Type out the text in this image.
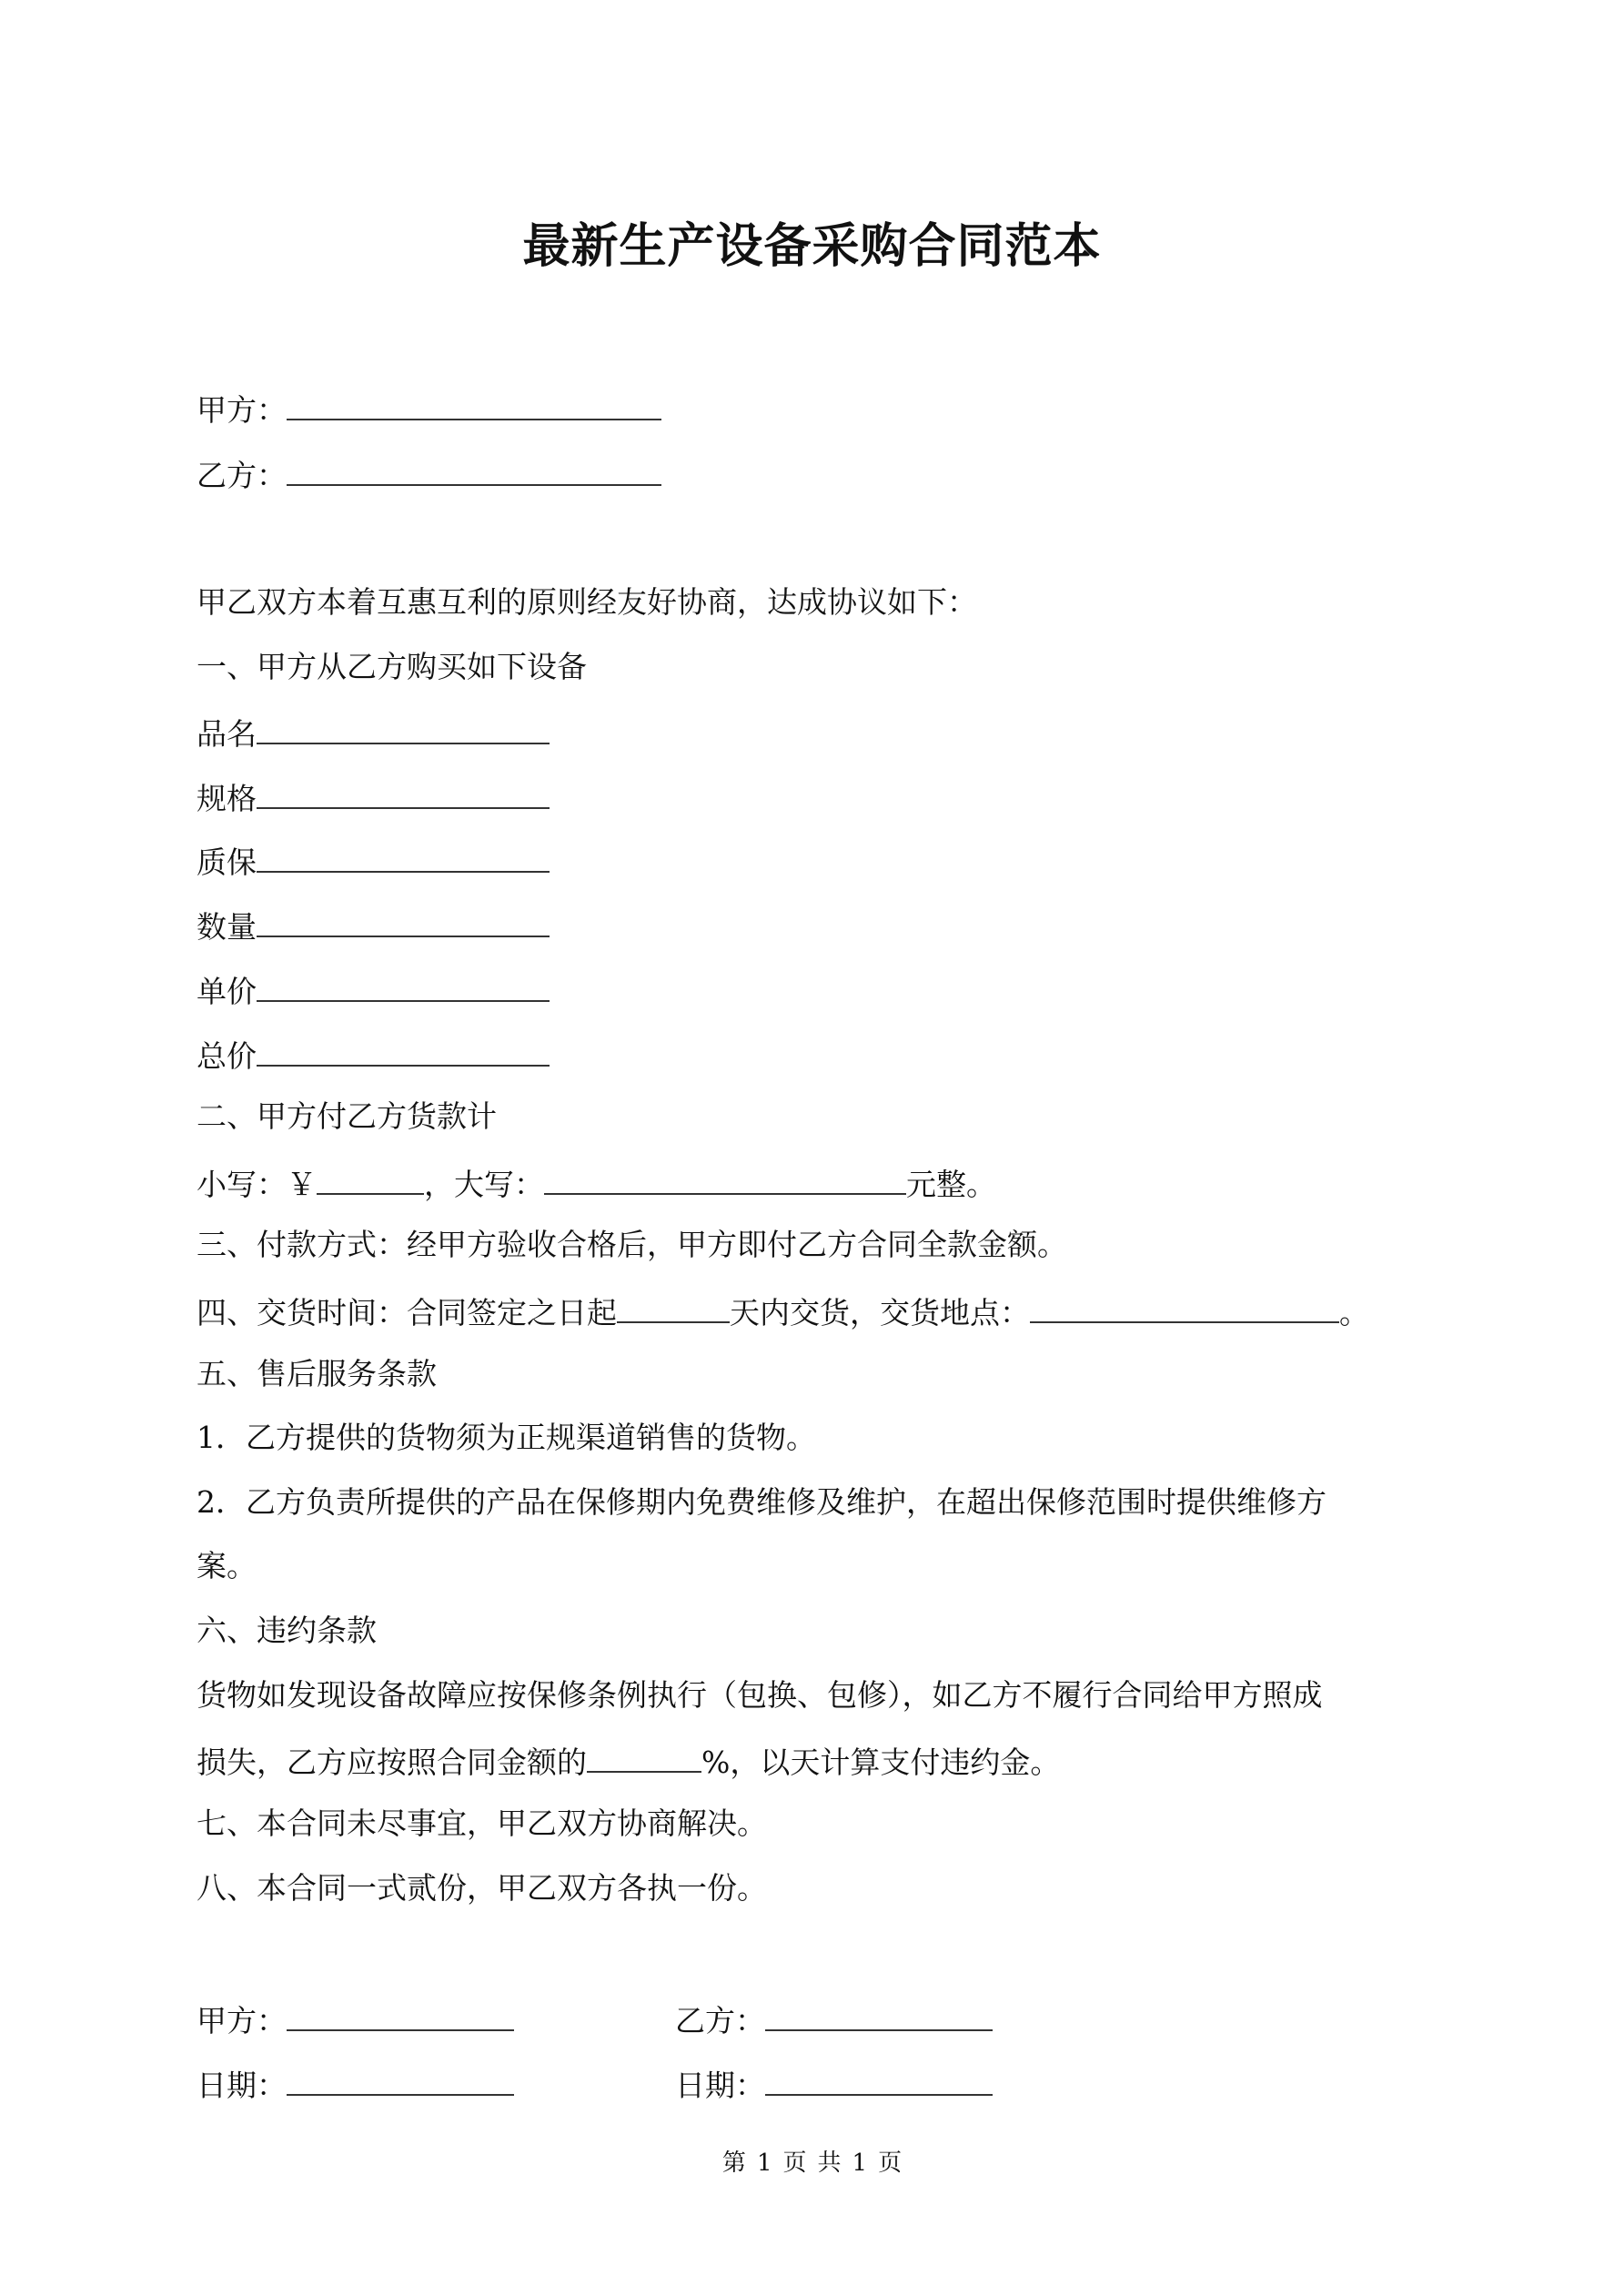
最新生产设备采购合同范本
甲方：
乙方：
甲乙双方本着互惠互利的原则经友好协商，达成协议如下：
一、甲方从乙方购买如下设备
品名
规格
质保
数量
单价
总价
二、甲方付乙方货款计
小写：￥	，大写：	元整。
三、付款方式：经甲方验收合格后，甲方即付乙方合同全款金额。
四、交货时间：合同签定之日起	天内交货，交货地点：	。
五、售后服务条款
1．乙方提供的货物须为正规渠道销售的货物。
2．乙方负责所提供的产品在保修期内免费维修及维护，在超出保修范围时提供维修方
案。
六、违约条款
货物如发现设备故障应按保修条例执行（包换、包修），如乙方不履行合同给甲方照成
损失，乙方应按照合同金额的	%，以天计算支付违约金。
七、本合同未尽事宜，甲乙双方协商解决。
八、本合同一式贰份，甲乙双方各执一份。
甲方：	乙方：
日期：	日期：
第 1 页 共 1 页
